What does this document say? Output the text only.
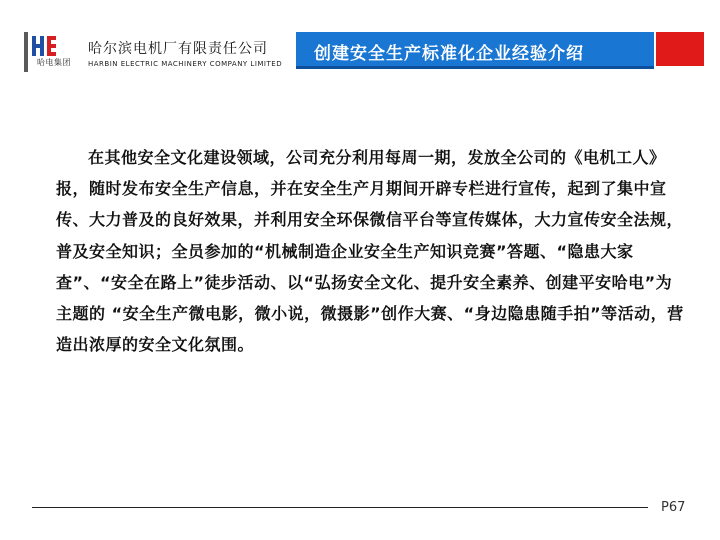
哈电集团
哈尔滨电机厂有限责任公司
HARBIN ELECTRIC MACHINERY COMPANY LIMITED 创建安全生产标准化企业经验介绍

在其他安全文化建设领域，公司充分利用每周一期，发放全公司的《电机工人》报，随时发布安全生产信息，并在安全生产月期间开辟专栏进行宣传，起到了集中宣传、大力普及的良好效果，并利用安全环保微信平台等宣传媒体，大力宣传安全法规，普及安全知识；全员参加的“机械制造企业安全生产知识竞赛”答题、“隐患大家查”、“安全在路上”徒步活动、以“弘扬安全文化、提升安全素养、创建平安哈电”为主题的 “安全生产微电影，微小说，微摄影”创作大赛、“身边隐患随手拍”等活动，营造出浓厚的安全文化氛围。

P67
